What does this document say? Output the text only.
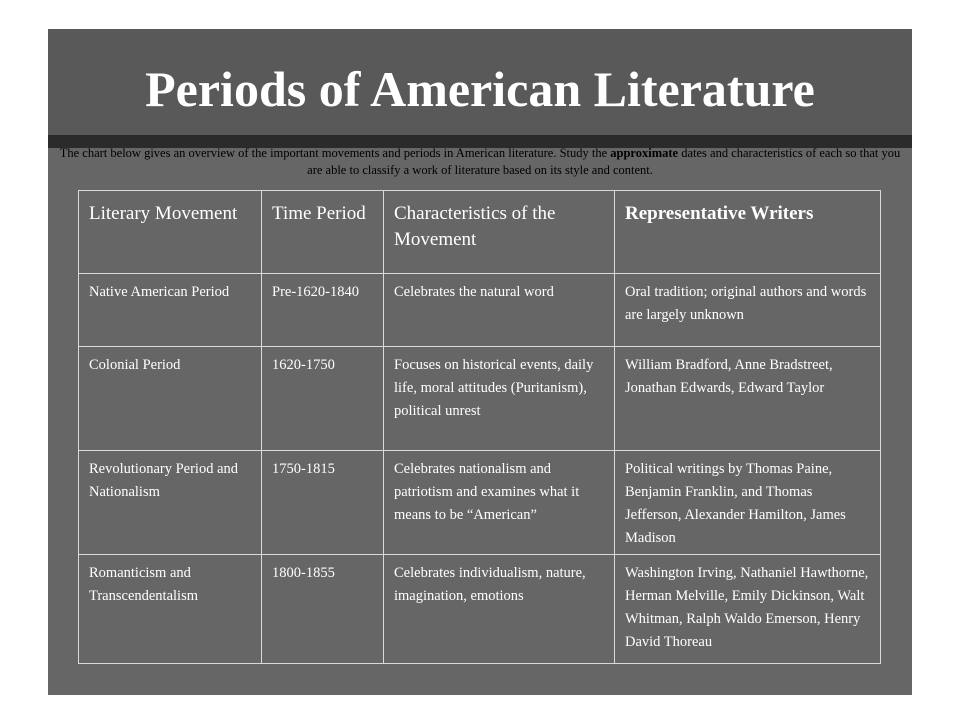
Periods of American Literature
The chart below gives an overview of the important movements and periods in American literature. Study the approximate dates and characteristics of each so that you are able to classify a work of literature based on its style and content.
Literary Movement	Time Period	Characteristics of the Movement	Representative Writers
Native American Period	Pre-1620-1840	Celebrates the natural word	Oral tradition; original authors and words are largely unknown
Colonial Period	1620-1750	Focuses on historical events, daily life, moral attitudes (Puritanism), political unrest	William Bradford, Anne Bradstreet, Jonathan Edwards, Edward Taylor
Revolutionary Period and Nationalism	1750-1815	Celebrates nationalism and patriotism and examines what it means to be “American”	Political writings by Thomas Paine, Benjamin Franklin, and Thomas Jefferson, Alexander Hamilton, James Madison
Romanticism and Transcendentalism	1800-1855	Celebrates individualism, nature, imagination, emotions	Washington Irving, Nathaniel Hawthorne, Herman Melville, Emily Dickinson, Walt Whitman, Ralph Waldo Emerson, Henry David Thoreau
